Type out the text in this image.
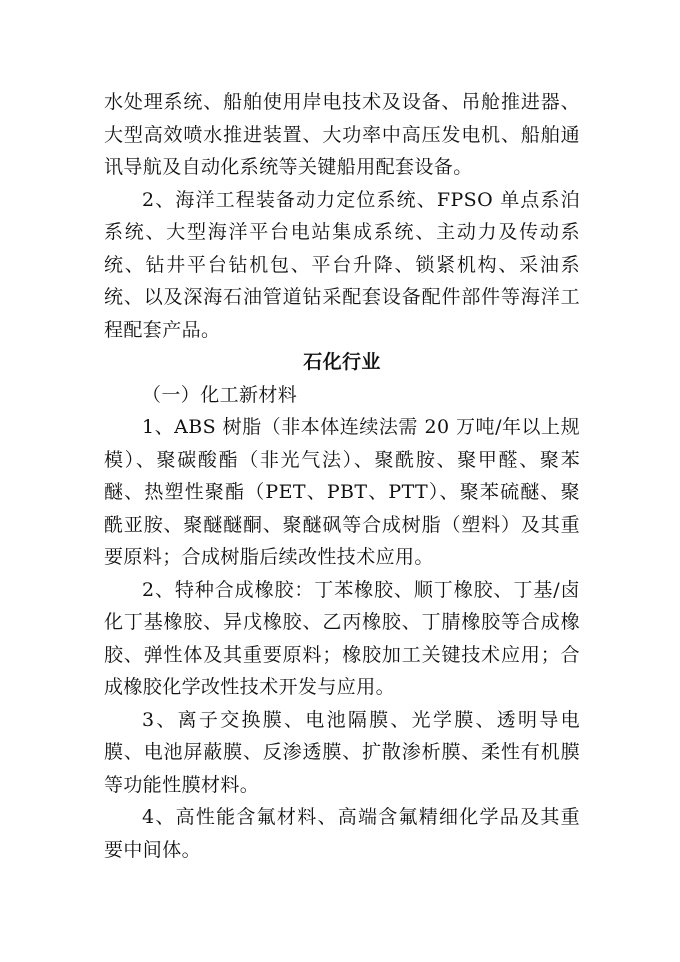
水处理系统、船舶使用岸电技术及设备、吊舱推进器、大型高效喷水推进装置、大功率中高压发电机、船舶通讯导航及自动化系统等关键船用配套设备。

2、海洋工程装备动力定位系统、FPSO 单点系泊系统、大型海洋平台电站集成系统、主动力及传动系统、钻井平台钻机包、平台升降、锁紧机构、采油系统、以及深海石油管道钻采配套设备配件部件等海洋工程配套产品。

石化行业

（一）化工新材料

1、ABS 树脂（非本体连续法需 20 万吨/年以上规模）、聚碳酸酯（非光气法）、聚酰胺、聚甲醛、聚苯醚、热塑性聚酯（PET、PBT、PTT）、聚苯硫醚、聚酰亚胺、聚醚醚酮、聚醚砜等合成树脂（塑料）及其重要原料；合成树脂后续改性技术应用。

2、特种合成橡胶：丁苯橡胶、顺丁橡胶、丁基/卤化丁基橡胶、异戊橡胶、乙丙橡胶、丁腈橡胶等合成橡胶、弹性体及其重要原料；橡胶加工关键技术应用；合成橡胶化学改性技术开发与应用。

3、离子交换膜、电池隔膜、光学膜、透明导电膜、电池屏蔽膜、反渗透膜、扩散渗析膜、柔性有机膜等功能性膜材料。

4、高性能含氟材料、高端含氟精细化学品及其重要中间体。
